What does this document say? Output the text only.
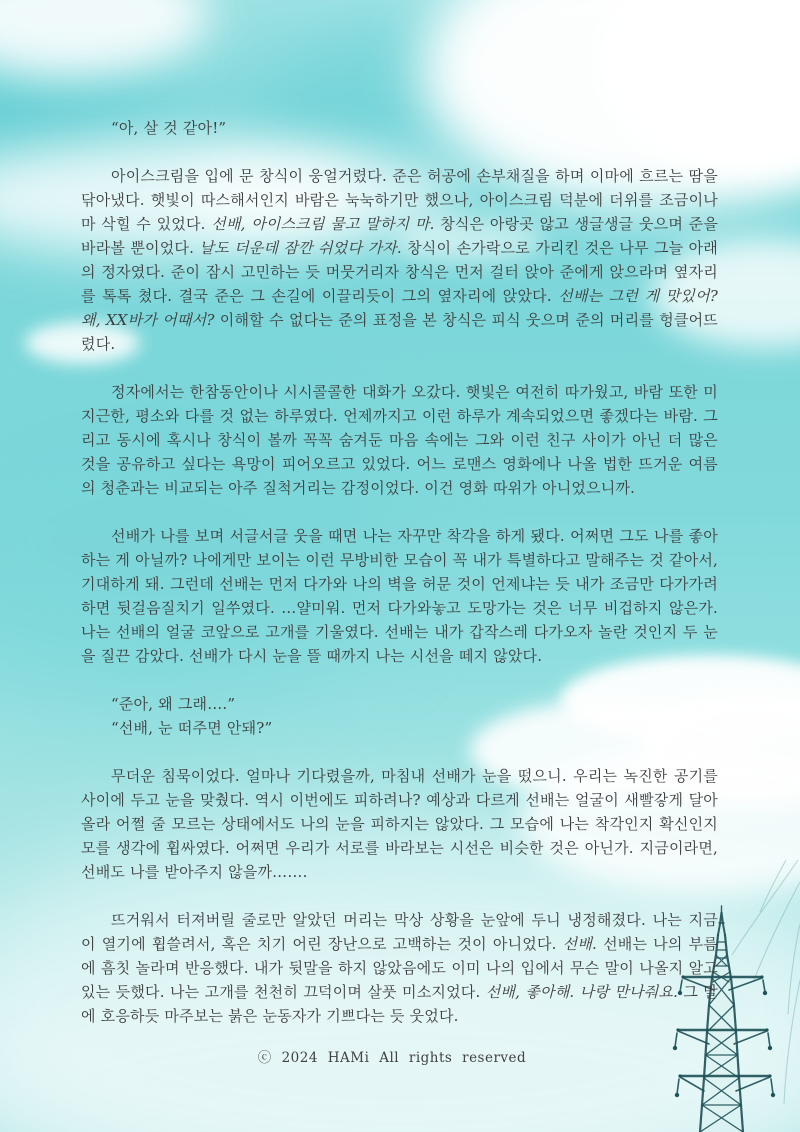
“아, 살 것 같아!”

아이스크림을 입에 문 창식이 웅얼거렸다. 준은 허공에 손부채질을 하며 이마에 흐르는 땀을 닦아냈다. 햇빛이 따스해서인지 바람은 눅눅하기만 했으나, 아이스크림 덕분에 더위를 조금이나마 삭힐 수 있었다. 선배, 아이스크림 물고 말하지 마. 창식은 아랑곳 않고 생글생글 웃으며 준을 바라볼 뿐이었다. 날도 더운데 잠깐 쉬었다 가자. 창식이 손가락으로 가리킨 것은 나무 그늘 아래의 정자였다. 준이 잠시 고민하는 듯 머뭇거리자 창식은 먼저 걸터 앉아 준에게 앉으라며 옆자리를 톡톡 쳤다. 결국 준은 그 손길에 이끌리듯이 그의 옆자리에 앉았다. 선배는 그런 게 맛있어? 왜, XX바가 어때서? 이해할 수 없다는 준의 표정을 본 창식은 피식 웃으며 준의 머리를 헝클어뜨렸다.

정자에서는 한참동안이나 시시콜콜한 대화가 오갔다. 햇빛은 여전히 따가웠고, 바람 또한 미지근한, 평소와 다를 것 없는 하루였다. 언제까지고 이런 하루가 계속되었으면 좋겠다는 바람. 그리고 동시에 혹시나 창식이 볼까 꼭꼭 숨겨둔 마음 속에는 그와 이런 친구 사이가 아닌 더 많은 것을 공유하고 싶다는 욕망이 피어오르고 있었다. 어느 로맨스 영화에나 나올 법한 뜨거운 여름의 청춘과는 비교되는 아주 질척거리는 감정이었다. 이건 영화 따위가 아니었으니까.

선배가 나를 보며 서글서글 웃을 때면 나는 자꾸만 착각을 하게 됐다. 어쩌면 그도 나를 좋아하는 게 아닐까? 나에게만 보이는 이런 무방비한 모습이 꼭 내가 특별하다고 말해주는 것 같아서, 기대하게 돼. 그런데 선배는 먼저 다가와 나의 벽을 허문 것이 언제냐는 듯 내가 조금만 다가가려 하면 뒷걸음질치기 일쑤였다. …얄미워. 먼저 다가와놓고 도망가는 것은 너무 비겁하지 않은가. 나는 선배의 얼굴 코앞으로 고개를 기울였다. 선배는 내가 갑작스레 다가오자 놀란 것인지 두 눈을 질끈 감았다. 선배가 다시 눈을 뜰 때까지 나는 시선을 떼지 않았다.

“준아, 왜 그래….”

“선배, 눈 떠주면 안돼?”

무더운 침묵이었다. 얼마나 기다렸을까, 마침내 선배가 눈을 떴으니. 우리는 녹진한 공기를 사이에 두고 눈을 맞췄다. 역시 이번에도 피하려나? 예상과 다르게 선배는 얼굴이 새빨갛게 달아올라 어쩔 줄 모르는 상태에서도 나의 눈을 피하지는 않았다. 그 모습에 나는 착각인지 확신인지 모를 생각에 휩싸였다. 어쩌면 우리가 서로를 바라보는 시선은 비슷한 것은 아닌가. 지금이라면, 선배도 나를 받아주지 않을까…….

뜨거워서 터져버릴 줄로만 알았던 머리는 막상 상황을 눈앞에 두니 냉정해졌다. 나는 지금 이 열기에 휩쓸려서, 혹은 치기 어린 장난으로 고백하는 것이 아니었다. 선배. 선배는 나의 부름에 흠칫 놀라며 반응했다. 내가 뒷말을 하지 않았음에도 이미 나의 입에서 무슨 말이 나올지 알고 있는 듯했다. 나는 고개를 천천히 끄덕이며 살풋 미소지었다. 선배, 좋아해. 나랑 만나줘요. 그 말에 호응하듯 마주보는 붉은 눈동자가 기쁘다는 듯 웃었다.

ⓒ 2024 HAMi All rights reserved
